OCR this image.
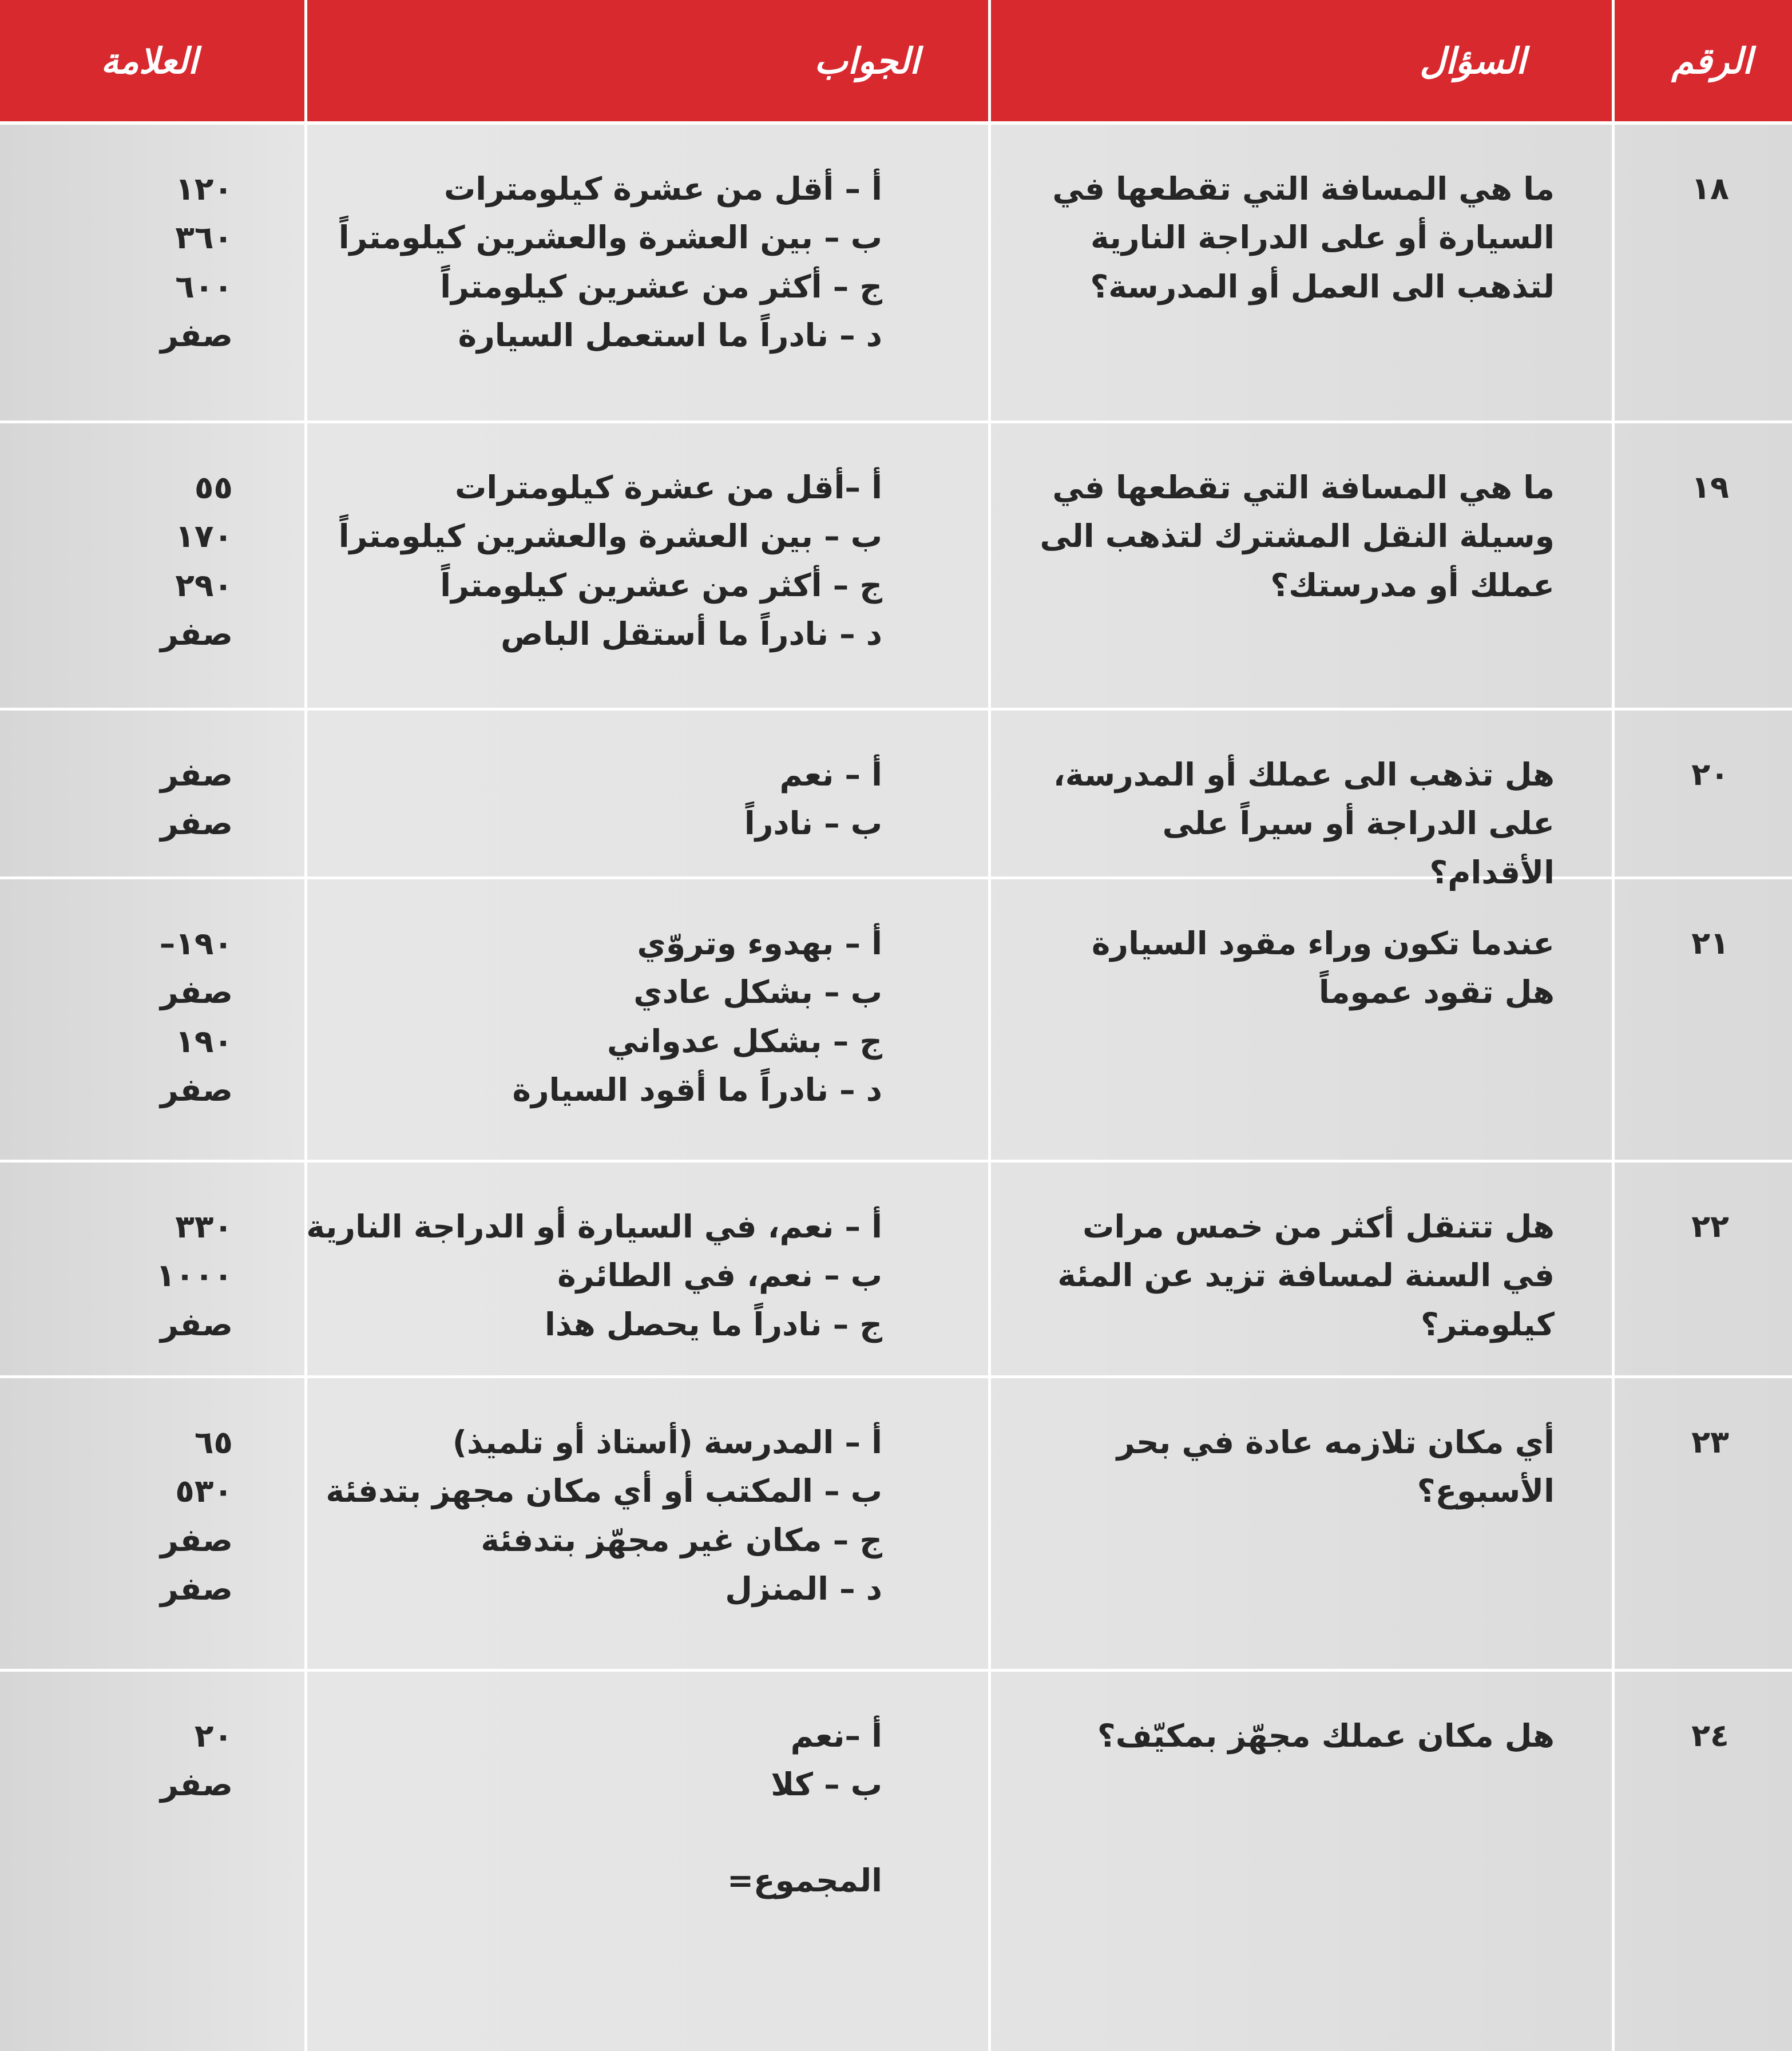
الرقم
السؤال
الجواب
العلامة
١٨
ما هي المسافة التي تقطعها في السيارة أو على الدراجة النارية لتذهب الى العمل أو المدرسة؟
أ – أقل من عشرة كيلومترات
ب – بين العشرة والعشرين كيلومتراً
ج – أكثر من عشرين كيلومتراً
د – نادراً ما استعمل السيارة
١٢٠
٣٦٠
٦٠٠
صفر
١٩
ما هي المسافة التي تقطعها في وسيلة النقل المشترك لتذهب الى عملك أو مدرستك؟
أ –أقل من عشرة كيلومترات
ب – بين العشرة والعشرين كيلومتراً
ج – أكثر من عشرين كيلومتراً
د – نادراً ما أستقل الباص
٥٥
١٧٠
٢٩٠
صفر
٢٠
هل تذهب الى عملك أو المدرسة، على الدراجة أو سيراً على الأقدام؟
أ – نعم
ب – نادراً
صفر
صفر
٢١
عندما تكون وراء مقود السيارة هل تقود عموماً
أ – بهدوء وتروّي
ب – بشكل عادي
ج – بشكل عدواني
د – نادراً ما أقود السيارة
١٩٠–
صفر
١٩٠
صفر
٢٢
هل تتنقل أكثر من خمس مرات في السنة لمسافة تزيد عن المئة كيلومتر؟
أ – نعم، في السيارة أو الدراجة النارية
ب – نعم، في الطائرة
ج – نادراً ما يحصل هذا
٣٣٠
١٠٠٠
صفر
٢٣
أي مكان تلازمه عادة في بحر الأسبوع؟
أ – المدرسة (أستاذ أو تلميذ)
ب – المكتب أو أي مكان مجهز بتدفئة
ج – مكان غير مجهّز بتدفئة
د – المنزل
٦٥
٥٣٠
صفر
صفر
٢٤
هل مكان عملك مجهّز بمكيّف؟
أ –نعم
ب – كلا
المجموع=
٢٠
صفر
